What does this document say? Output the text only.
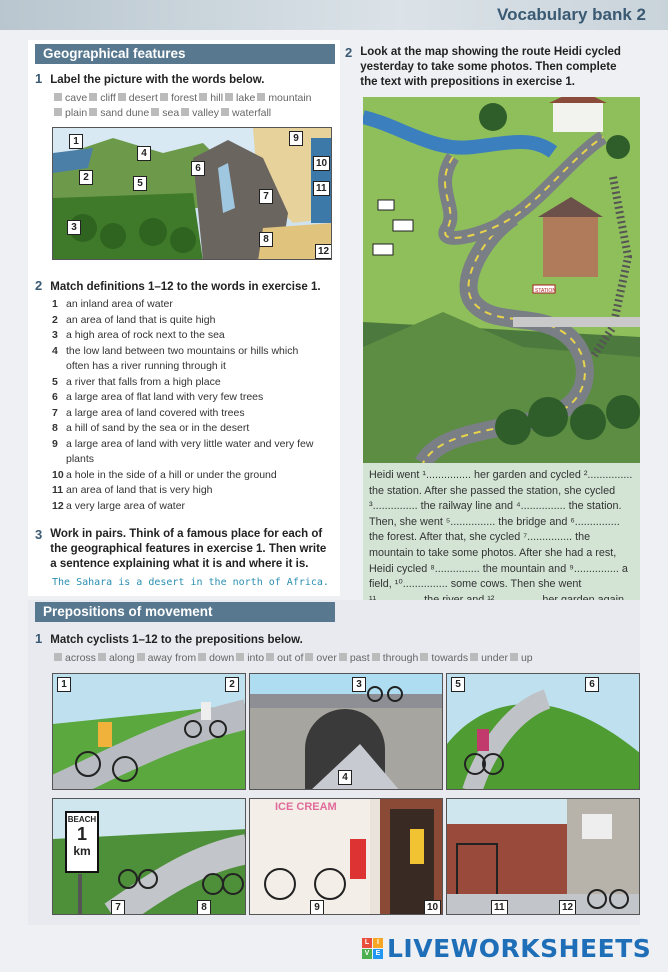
Vocabulary bank 2
Geographical features
1 Label the picture with the words below.
cave cliff desert forest hill lake mountainplain sand dune sea valley waterfall
1
2
3
4
5
6
7
8
9
10
11
12
2 Match definitions 1–12 to the words in exercise 1.
1 an inland area of water
2 an area of land that is quite high
3 a high area of rock next to the sea
4 the low land between two mountains or hills which often has a river running through it
5 a river that falls from a high place
6 a large area of flat land with very few trees
7 a large area of land covered with trees
8 a hill of sand by the sea or in the desert
9 a large area of land with very little water and very few plants
10 a hole in the side of a hill or under the ground
11 an area of land that is very high
12 a very large area of water
3 Work in pairs. Think of a famous place for each of the geographical features in exercise 1. Then write a sentence explaining what it is and where it is.
The Sahara is a desert in the north of Africa.
2 Look at the map showing the route Heidi cycled yesterday to take some photos. Then complete the text with prepositions in exercise 1.
STATION
Heidi went ¹............... her garden and cycled ²............... the station. After she passed the station, she cycled ³............... the railway line and ⁴............... the station. Then, she went ⁵............... the bridge and ⁶............... the forest. After that, she cycled ⁷............... the mountain to take some photos. After she had a rest, Heidi cycled ⁸............... the mountain and ⁹............... a field, ¹⁰............... some cows. Then she went
Prepositions of movement
1 Match cyclists 1–12 to the prepositions below.
across along away from down into out of over past through towards under up
1	2	3
4
5	6
BEACH
1
km
7	8
ICE CREAM
9	10	11	12
L	I
V E LIVEWORKSHEETS
